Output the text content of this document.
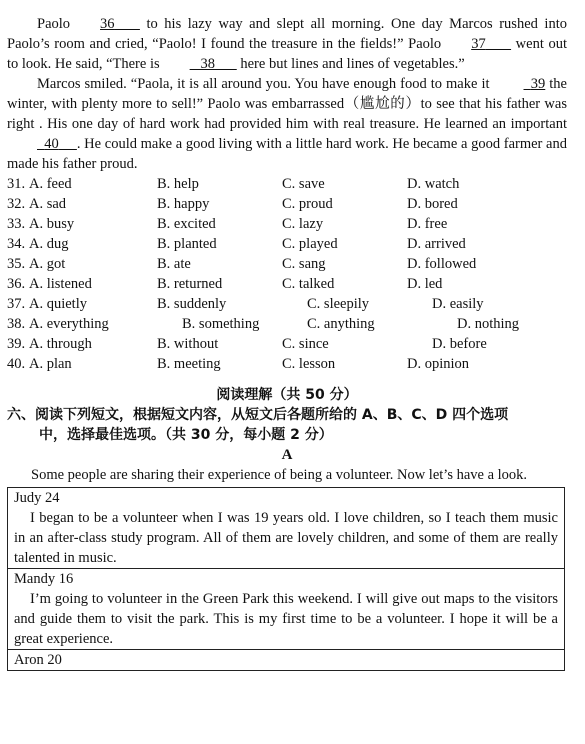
Paolo 36        to his lazy way and slept all morning. One day Marcos rushed into Paolo’s room and cried, “Paolo! I found the treasure in the fields!” Paolo 37        went out to look. He said, “There is	38       here but lines and lines of vegetables.”

Marcos smiled. “Paola, it is all around you. You have enough food to make it	39 the winter, with plenty more to sell!” Paolo was embarrassed（尴尬的）to see that his father was right . His one day of hard work had provided him with real treasure. He learned an important   40 . He could make a good living with a little hard work. He became a good farmer and made his father proud.

31. A. feed	B. help	C. save	D. watch
32. A. sad	B. happy	C. proud	D. bored
33. A. busy	B. excited	C. lazy	D. free
34. A. dug	B. planted	C. played	D. arrived
35. A. got	B. ate	C. sang	D. followed
36. A. listened	B. returned	C. talked	D. led
37. A. quietly	B. suddenly	C. sleepily	D. easily
38. A. everything	B. something	C. anything	D. nothing
39. A. through	B. without	C. since	D. before
40. A. plan	B. meeting	C. lesson	D. opinion
阅读理解（共 50 分）
六、阅读下列短文，根据短文内容，从短文后各题所给的 A、B、C、D 四个选项
中，选择最佳选项。（共 30 分，每小题 2 分）
A

Some people are sharing their experience of being a volunteer. Now let’s have a look.

Judy 24
I began to be a volunteer when I was 19 years old. I love children, so I teach them music in an after-class study program. All of them are lovely children, and some of them are really talented in music.

Mandy 16
I’m going to volunteer in the Green Park this weekend. I will give out maps to the visitors and guide them to visit the park. This is my first time to be a volunteer. I hope it will be a great experience.

Aron 20
